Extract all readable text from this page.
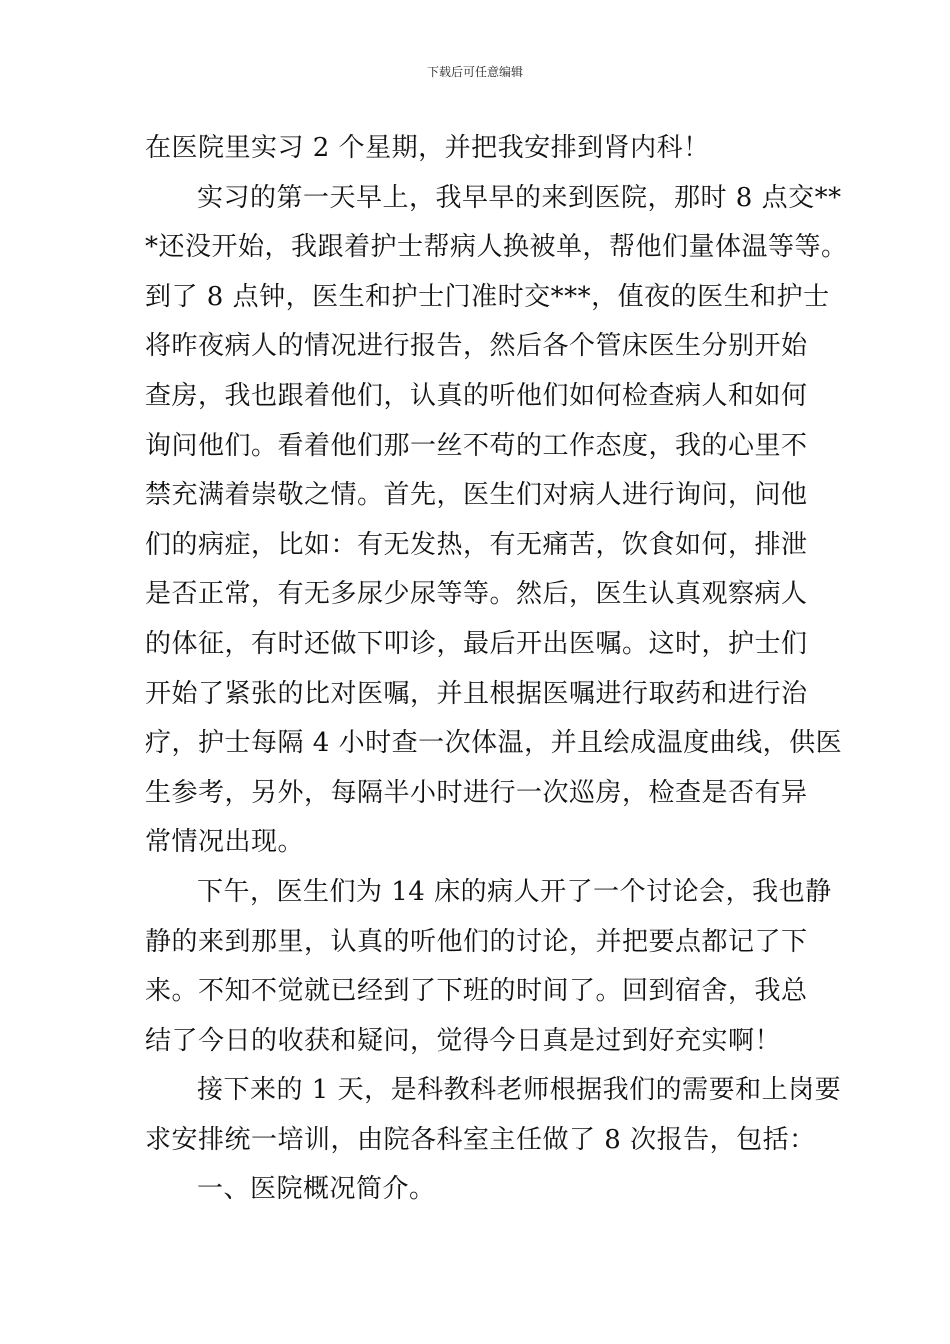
下载后可任意编辑
在医院里实习 2 个星期，并把我安排到肾内科！
实习的第一天早上，我早早的来到医院，那时 8 点交**
*还没开始，我跟着护士帮病人换被单，帮他们量体温等等。
到了 8 点钟，医生和护士门准时交***，值夜的医生和护士
将昨夜病人的情况进行报告，然后各个管床医生分别开始
查房，我也跟着他们，认真的听他们如何检查病人和如何
询问他们。看着他们那一丝不苟的工作态度，我的心里不
禁充满着崇敬之情。首先，医生们对病人进行询问，问他
们的病症，比如：有无发热，有无痛苦，饮食如何，排泄
是否正常，有无多尿少尿等等。然后，医生认真观察病人
的体征，有时还做下叩诊，最后开出医嘱。这时，护士们
开始了紧张的比对医嘱，并且根据医嘱进行取药和进行治
疗，护士每隔 4 小时查一次体温，并且绘成温度曲线，供医
生参考，另外，每隔半小时进行一次巡房，检查是否有异
常情况出现。
下午，医生们为 14 床的病人开了一个讨论会，我也静
静的来到那里，认真的听他们的讨论，并把要点都记了下
来。不知不觉就已经到了下班的时间了。回到宿舍，我总
结了今日的收获和疑问，觉得今日真是过到好充实啊！
接下来的 1 天，是科教科老师根据我们的需要和上岗要
求安排统一培训，由院各科室主任做了 8 次报告，包括：
一、医院概况简介。
